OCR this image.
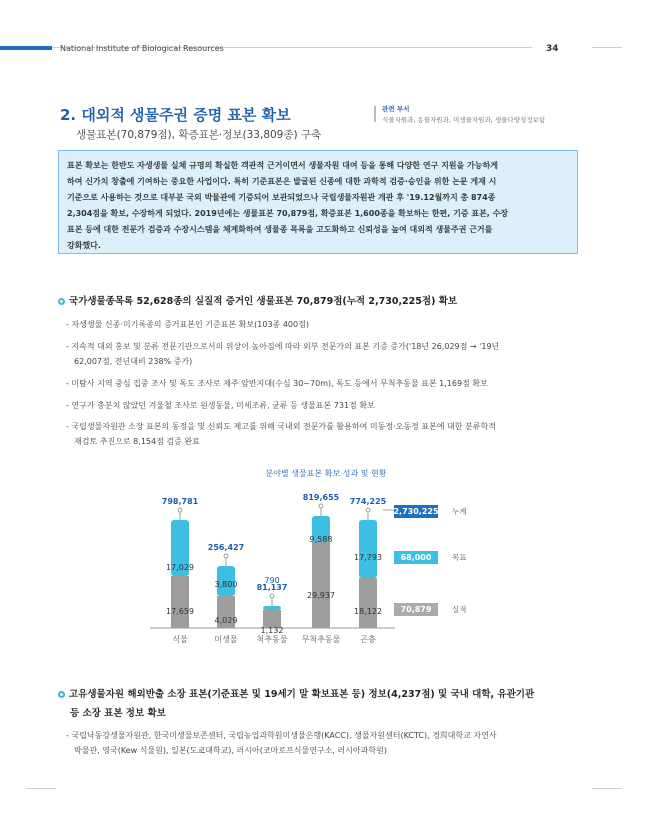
National Institute of Biological Resources	34
2. 대외적 생물주권 증명 표본 확보
생물표본(70,879점), 확증표본·정보(33,809종) 구축
관련 부서
식물자원과, 동물자원과, 미생물자원과, 생물다양성정보팀
표본 확보는 한반도 자생생물 실체 규명의 확실한 객관적 근거이면서 생물자원 대여 등을 통해 다양한 연구 지원을 가능하게
하여 신가치 창출에 기여하는 중요한 사업이다. 특히 기준표본은 발굴된 신종에 대한 과학적 검증·승인을 위한 논문 게재 시
기준으로 사용하는 것으로 대부분 국외 박물관에 기증되어 보관되었으나 국립생물자원관 개관 후 '19.12월까지 총 874종
2,304점을 확보, 수장하게 되었다. 2019년에는 생물표본 70,879점, 확증표본 1,600종을 확보하는 한편, 기증 표본, 수장
표본 등에 대한 전문가 검증과 수장시스템을 체계화하여 생물종 목록을 고도화하고 신뢰성을 높여 대외적 생물주권 근거를
강화했다.
국가생물종목록 52,628종의 실질적 증거인 생물표본 70,879점(누적 2,730,225점) 확보
- 자생생물 신종·미기록종의 증거표본인 기준표본 확보(103종 400점)
- 지속적 대외 홍보 및 분류 전문기관으로서의 위상이 높아짐에 따라 외부 전문가의 표본 기증 증가('18년 26,029점 → '19년
62,007점, 전년대비 238% 증가)
- 미탐사 지역 중심 집중 조사 및 독도 조사로 제주 암반지대(수심 30~70m), 독도 등에서 무척추동물 표본 1,169점 확보
- 연구가 충분치 않았던 겨울철 조사로 원생동물, 미세조류, 균류 등 생물표본 731점 확보
- 국립생물자원관 소장 표본의 동정을 및 신뢰도 제고를 위해 국내외 전문가를 활용하여 미동정·오동정 표본에 대한 분류학적
재검토 추진으로 8,154점 검증 완료
분야별 생물표본 확보 성과 및 현황
798,781
식물
256,427
미생물
81,137
척추동물
819,655
무척추동물
774,225
곤충
17,029
3,800	790
9,588
17,793
17,659
4,029
1,132
29,937
18,122
2,730,225 누계
68,000	목표
70,879	실적
고유생물자원 해외반출 소장 표본(기준표본 및 19세기 말 확보표본 등) 정보(4,237점) 및 국내 대학, 유관기관
등 소장 표본 정보 확보
- 국립낙동강생물자원관, 한국미생물보존센터, 국립농업과학원미생물은행(KACC), 생물자원센터(KCTC), 경희대학교 자연사
박물관, 영국(Kew 식물원), 일본(도쿄대학교), 러시아(코마로프식물연구소, 러시아과학원)
